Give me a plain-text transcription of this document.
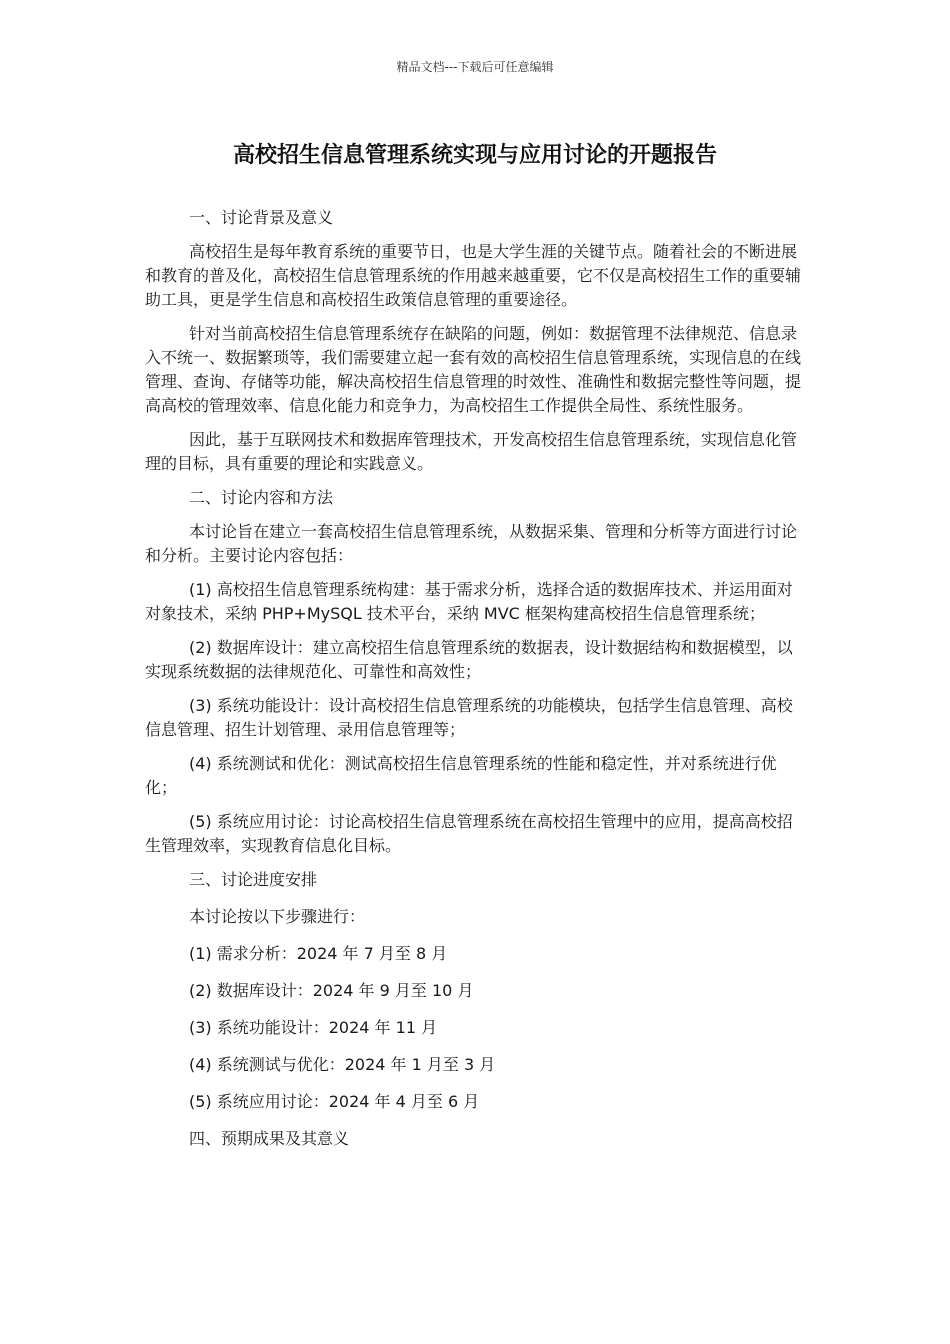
精品文档---下载后可任意编辑
高校招生信息管理系统实现与应用讨论的开题报告

一、讨论背景及意义

高校招生是每年教育系统的重要节日，也是大学生涯的关键节点。随着社会的不断进展和教育的普及化，高校招生信息管理系统的作用越来越重要，它不仅是高校招生工作的重要辅助工具，更是学生信息和高校招生政策信息管理的重要途径。

针对当前高校招生信息管理系统存在缺陷的问题，例如：数据管理不法律规范、信息录入不统一、数据繁琐等，我们需要建立起一套有效的高校招生信息管理系统，实现信息的在线管理、查询、存储等功能，解决高校招生信息管理的时效性、准确性和数据完整性等问题，提高高校的管理效率、信息化能力和竞争力，为高校招生工作提供全局性、系统性服务。

因此，基于互联网技术和数据库管理技术，开发高校招生信息管理系统，实现信息化管理的目标，具有重要的理论和实践意义。

二、讨论内容和方法

本讨论旨在建立一套高校招生信息管理系统，从数据采集、管理和分析等方面进行讨论和分析。主要讨论内容包括：

(1) 高校招生信息管理系统构建：基于需求分析，选择合适的数据库技术、并运用面对对象技术，采纳 PHP+MySQL 技术平台，采纳 MVC 框架构建高校招生信息管理系统；

(2) 数据库设计：建立高校招生信息管理系统的数据表，设计数据结构和数据模型，以实现系统数据的法律规范化、可靠性和高效性；

(3) 系统功能设计：设计高校招生信息管理系统的功能模块，包括学生信息管理、高校信息管理、招生计划管理、录用信息管理等；

(4) 系统测试和优化：测试高校招生信息管理系统的性能和稳定性，并对系统进行优化；

(5) 系统应用讨论：讨论高校招生信息管理系统在高校招生管理中的应用，提高高校招生管理效率，实现教育信息化目标。

三、讨论进度安排

本讨论按以下步骤进行：

(1) 需求分析：2024 年 7 月至 8 月

(2) 数据库设计：2024 年 9 月至 10 月

(3) 系统功能设计：2024 年 11 月

(4) 系统测试与优化：2024 年 1 月至 3 月

(5) 系统应用讨论：2024 年 4 月至 6 月

四、预期成果及其意义
